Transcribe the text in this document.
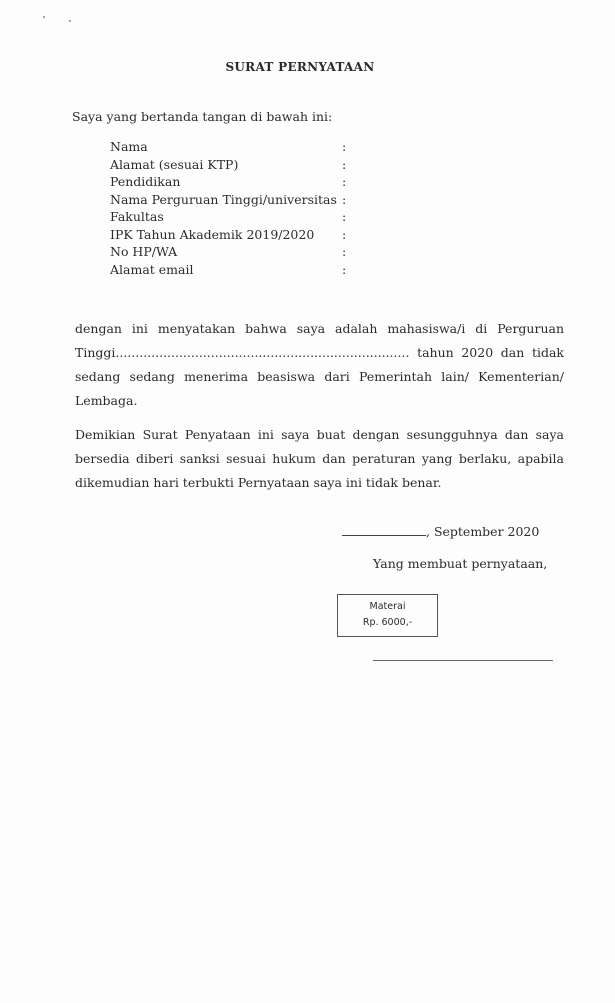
SURAT PERNYATAAN
Saya yang bertanda tangan di bawah ini:
Nama	:
Alamat (sesuai KTP)	:
Pendidikan	:
Nama Perguruan Tinggi/universitas :
Fakultas	:
IPK Tahun Akademik 2019/2020 :
No HP/WA	:
Alamat email	:
dengan ini menyatakan bahwa saya adalah mahasiswa/i di Perguruan
Tinggi.......................................................................... tahun 2020 dan tidak
sedang sedang menerima beasiswa dari Pemerintah lain/ Kementerian/
Lembaga.
Demikian Surat Penyataan ini saya buat dengan sesungguhnya dan saya
bersedia diberi sanksi sesuai hukum dan peraturan yang berlaku, apabila
dikemudian hari terbukti Pernyataan saya ini tidak benar.
, September 2020
Yang membuat pernyataan,
Materai
Rp. 6000,-
